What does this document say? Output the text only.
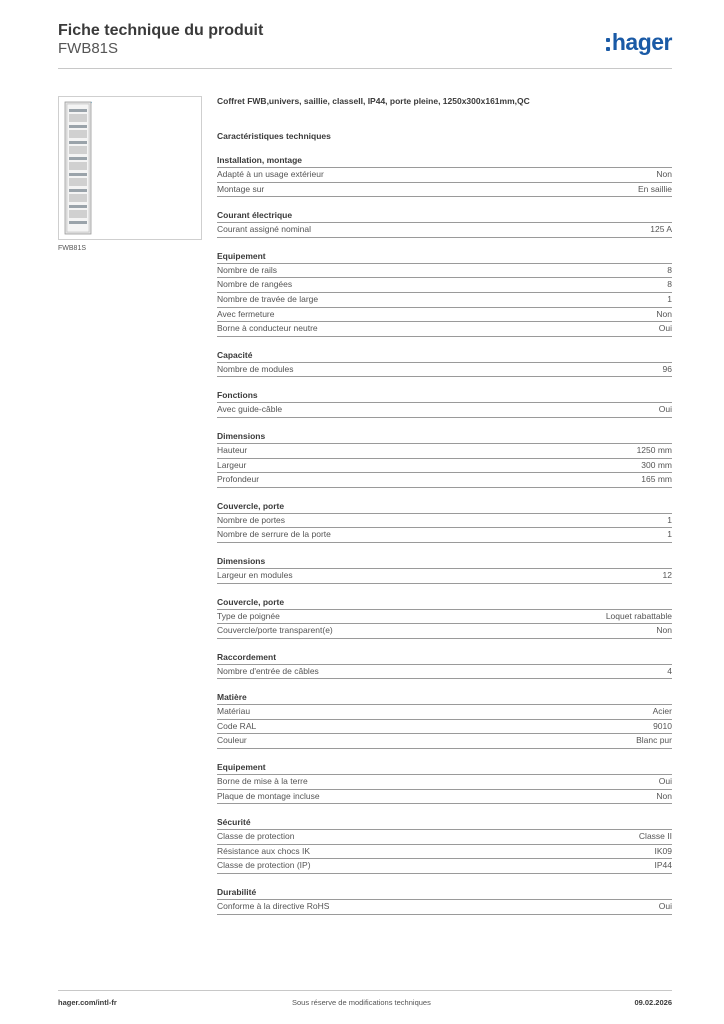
Fiche technique du produit
FWB81S	hager
FWB81S
Coffret FWB,univers, saillie, classeII, IP44, porte pleine, 1250x300x161mm,QC
Caractéristiques techniques
Installation, montage
Adapté à un usage extérieur	Non
Montage sur	En saillie
Courant électrique
Courant assigné nominal	125 A
Equipement
Nombre de rails	8
Nombre de rangées	8
Nombre de travée de large	1
Avec fermeture	Non
Borne à conducteur neutre	Oui
Capacité
Nombre de modules	96
Fonctions
Avec guide-câble	Oui
Dimensions
Hauteur	1250 mm
Largeur	300 mm
Profondeur	165 mm
Couvercle, porte
Nombre de portes	1
Nombre de serrure de la porte	1
Dimensions
Largeur en modules	12
Couvercle, porte
Type de poignée	Loquet rabattable
Couvercle/porte transparent(e)	Non
Raccordement
Nombre d'entrée de câbles	4
Matière
Matériau	Acier
Code RAL	9010
Couleur	Blanc pur
Equipement
Borne de mise à la terre	Oui
Plaque de montage incluse	Non
Sécurité
Classe de protection	Classe II
Résistance aux chocs IK	IK09
Classe de protection (IP)	IP44
Durabilité
Conforme à la directive RoHS	Oui
hager.com/intl-fr	Sous réserve de modifications techniques	09.02.2026
